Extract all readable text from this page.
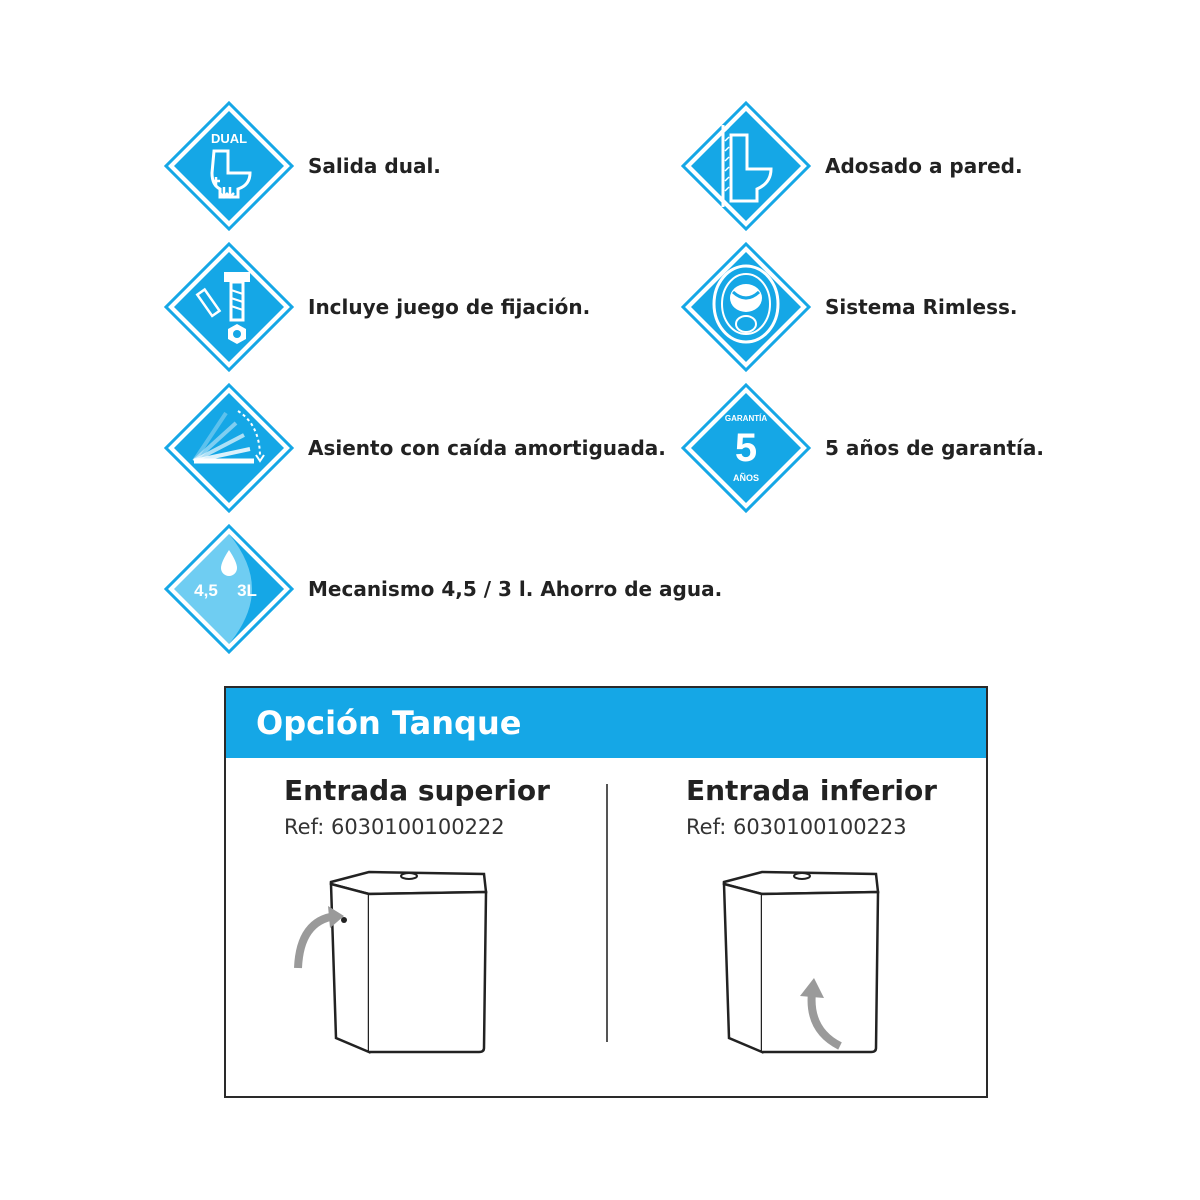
DUAL
Salida dual.	Adosado a pared.
Incluye juego de fijación.	Sistema Rimless.
Asiento con caída amortiguada.
GARANTÍA
5
AÑOS
5 años de garantía.
4,5 3L	Mecanismo 4,5 / 3 l. Ahorro de agua.
Opción Tanque
Entrada superior
Ref: 6030100100222
Entrada inferior
Ref: 6030100100223
